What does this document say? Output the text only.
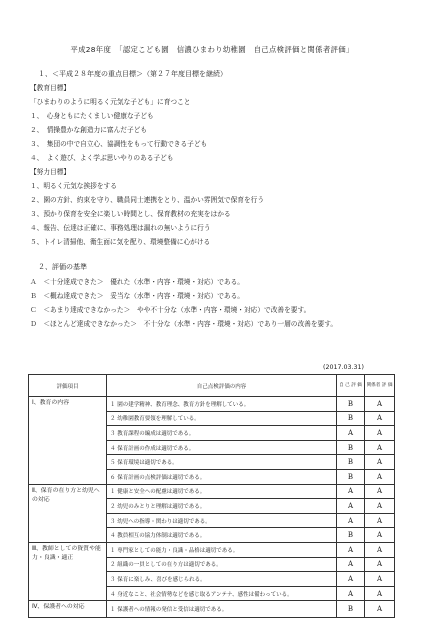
平成28年度　「認定こども園　信濃ひまわり幼稚園　自己点検評価と関係者評価」
１、＜平成２８年度の重点目標＞（第２７年度目標を継続）
【教育目標】
「ひまわりのように明るく元気な子ども」に育つこと
１、　心身ともにたくましい健康な子ども
２、　情操豊かな創造力に富んだ子ども
３、　集団の中で自立心、協調性をもって行動できる子ども
４、　よく遊び、よく学ぶ思いやりのある子ども
【努力目標】
１、明るく元気な挨拶をする
２、園の方針、約束を守り、職員同士連携をとり、温かい雰囲気で保育を行う
３、預かり保育を安全に楽しい時間とし、保育教材の充実をはかる
４、報告、伝達は正確に、事務処理は漏れの無いように行う
５、トイレ清掃他、衛生面に気を配り、環境整備に心がける
２、評価の基準
Ａ　＜十分達成できた＞　優れた（水準・内容・環境・対応）である。
Ｂ　＜概ね達成できた＞　妥当な（水準・内容・環境・対応）である。
Ｃ　＜あまり達成できなかった＞　やや不十分な（水準・内容・環境・対応）で改善を要す。
Ｄ　＜ほとんど達成できなかった＞　不十分な（水準・内容・環境・対応）であり一層の改善を要す。
(2017.03.31)
評価項目	自己点検評価の内容	自 己 評 価	関係者 評 価
Ⅰ、教育の内容	１ 園の建学精神、教育理念、教育方針を理解している。	B	A
	２ 幼稚園教育要領を理解している。	B	A
	３ 教育課程の編成は適切である。	A	A
	４ 保育計画の作成は適切である。	B	A
	５ 保育環境は適切である。	B	A
	６ 保育計画の点検評価は適切である。	B	A
Ⅱ、保育の在り方と幼児への対応	１ 健康と安全への配慮は適切である。	A	A
	２ 幼児のみとりと理解は適切である。	A	A
	３ 幼児への指導・関わりは適切である。	A	A
	４ 教員相互の協力体制は適切である。	B	A
Ⅲ、教師としての資質や能力・良識・適正	１ 専門家としての能力・良識・品格は適切である。	A	A
	２ 組織の一員としての在り方は適切である。	A	A
	３ 保育に楽しみ、喜びを感じられる。	A	A
	４ 身近なこと、社会情勢などを感じ取るアンテナ、感性は備わっている。	A	A
Ⅳ、保護者への対応	１ 保護者への情報の発信と受信は適切である。	B	A
